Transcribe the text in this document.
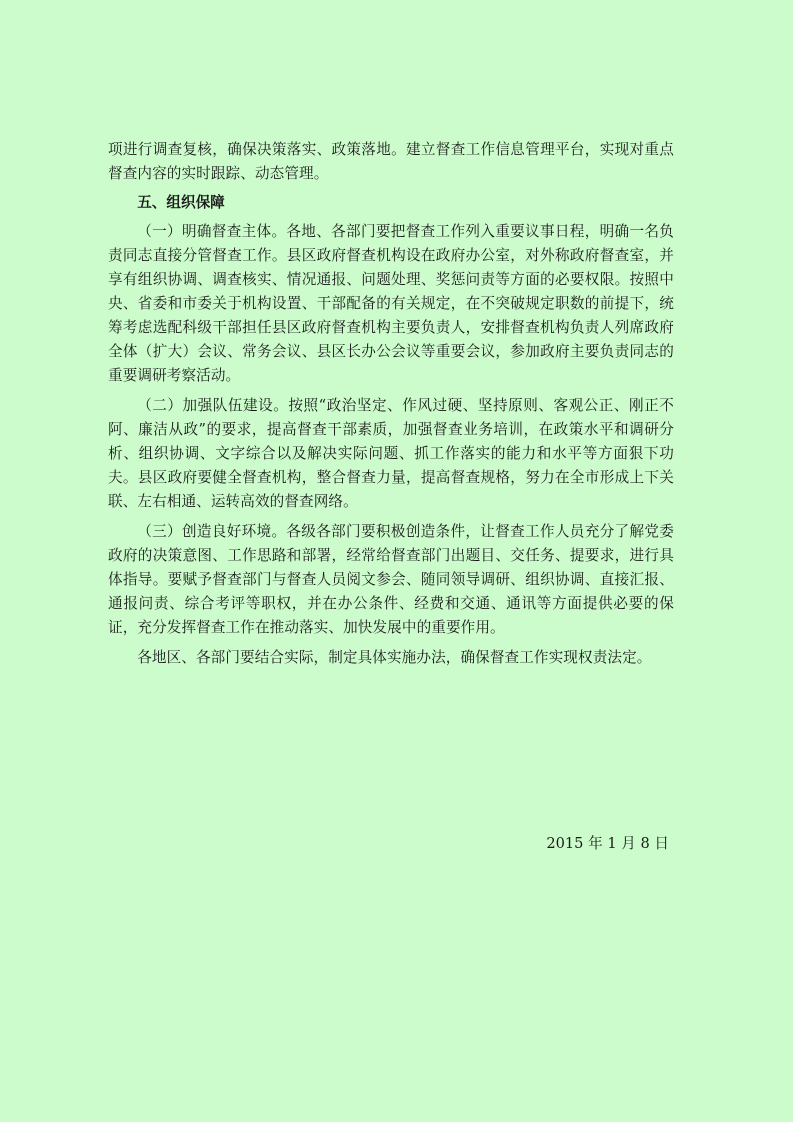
项进行调查复核，确保决策落实、政策落地。建立督查工作信息管理平台，实现对重点督查内容的实时跟踪、动态管理。

五、组织保障

（一）明确督查主体。各地、各部门要把督查工作列入重要议事日程，明确一名负责同志直接分管督查工作。县区政府督查机构设在政府办公室，对外称政府督查室，并享有组织协调、调查核实、情况通报、问题处理、奖惩问责等方面的必要权限。按照中央、省委和市委关于机构设置、干部配备的有关规定，在不突破规定职数的前提下，统筹考虑选配科级干部担任县区政府督查机构主要负责人，安排督查机构负责人列席政府全体（扩大）会议、常务会议、县区长办公会议等重要会议，参加政府主要负责同志的重要调研考察活动。

（二）加强队伍建设。按照“政治坚定、作风过硬、坚持原则、客观公正、刚正不阿、廉洁从政”的要求，提高督查干部素质，加强督查业务培训，在政策水平和调研分析、组织协调、文字综合以及解决实际问题、抓工作落实的能力和水平等方面狠下功夫。县区政府要健全督查机构，整合督查力量，提高督查规格，努力在全市形成上下关联、左右相通、运转高效的督查网络。

（三）创造良好环境。各级各部门要积极创造条件，让督查工作人员充分了解党委政府的决策意图、工作思路和部署，经常给督查部门出题目、交任务、提要求，进行具体指导。要赋予督查部门与督查人员阅文参会、随同领导调研、组织协调、直接汇报、通报问责、综合考评等职权，并在办公条件、经费和交通、通讯等方面提供必要的保证，充分发挥督查工作在推动落实、加快发展中的重要作用。

各地区、各部门要结合实际，制定具体实施办法，确保督查工作实现权责法定。

2015 年 1 月 8 日
